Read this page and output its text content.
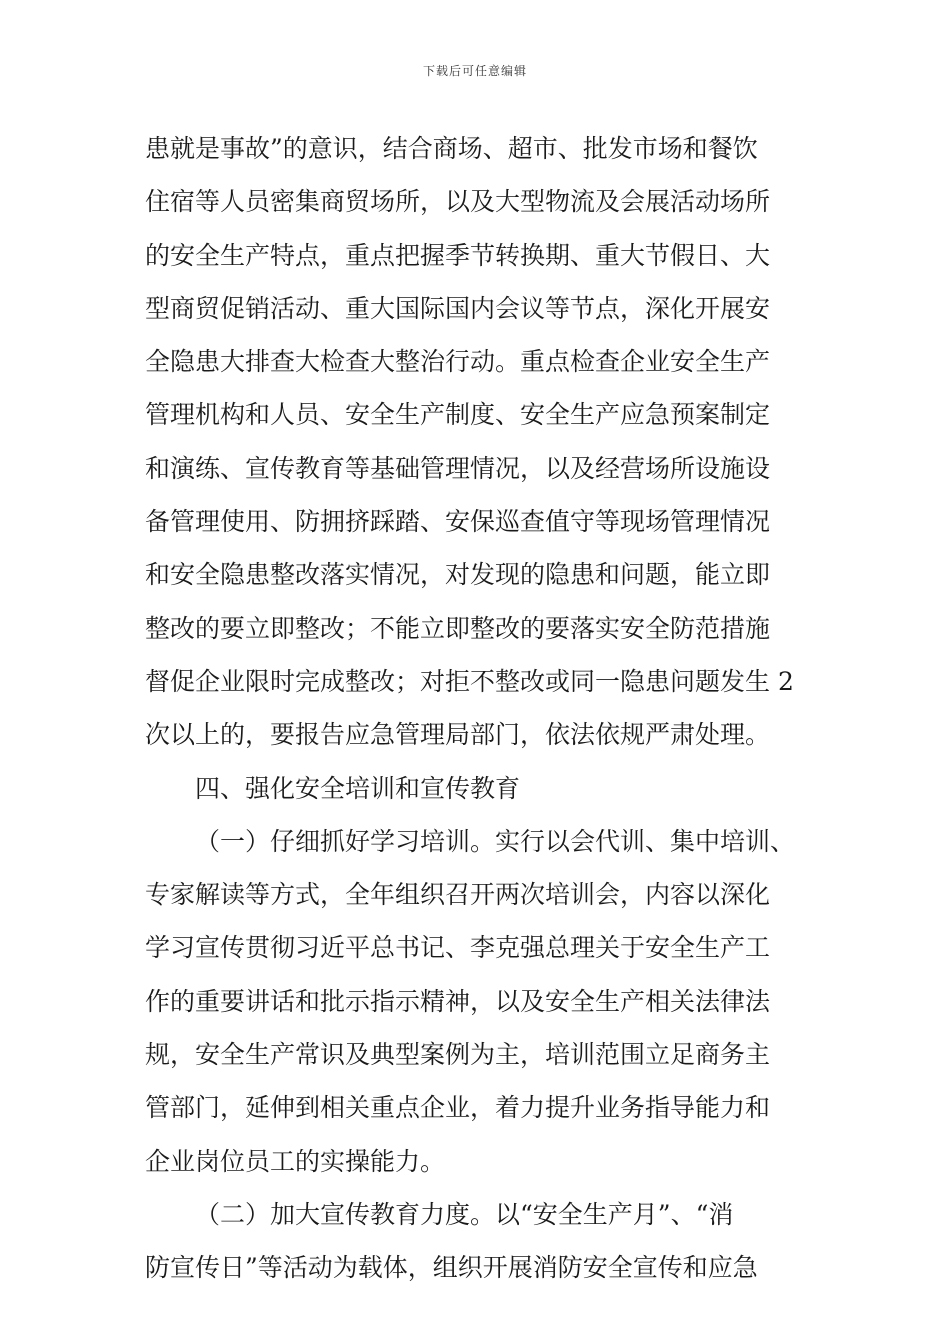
下载后可任意编辑
患就是事故”的意识，结合商场、超市、批发市场和餐饮
住宿等人员密集商贸场所，以及大型物流及会展活动场所
的安全生产特点，重点把握季节转换期、重大节假日、大
型商贸促销活动、重大国际国内会议等节点，深化开展安
全隐患大排查大检查大整治行动。重点检查企业安全生产
管理机构和人员、安全生产制度、安全生产应急预案制定
和演练、宣传教育等基础管理情况，以及经营场所设施设
备管理使用、防拥挤踩踏、安保巡查值守等现场管理情况
和安全隐患整改落实情况，对发现的隐患和问题，能立即
整改的要立即整改；不能立即整改的要落实安全防范措施
督促企业限时完成整改；对拒不整改或同一隐患问题发生 2
次以上的，要报告应急管理局部门，依法依规严肃处理。
四、强化安全培训和宣传教育
（一）仔细抓好学习培训。实行以会代训、集中培训、
专家解读等方式，全年组织召开两次培训会，内容以深化
学习宣传贯彻习近平总书记、李克强总理关于安全生产工
作的重要讲话和批示指示精神，以及安全生产相关法律法
规，安全生产常识及典型案例为主，培训范围立足商务主
管部门，延伸到相关重点企业，着力提升业务指导能力和
企业岗位员工的实操能力。
（二）加大宣传教育力度。以“安全生产月”、“消
防宣传日”等活动为载体，组织开展消防安全宣传和应急
